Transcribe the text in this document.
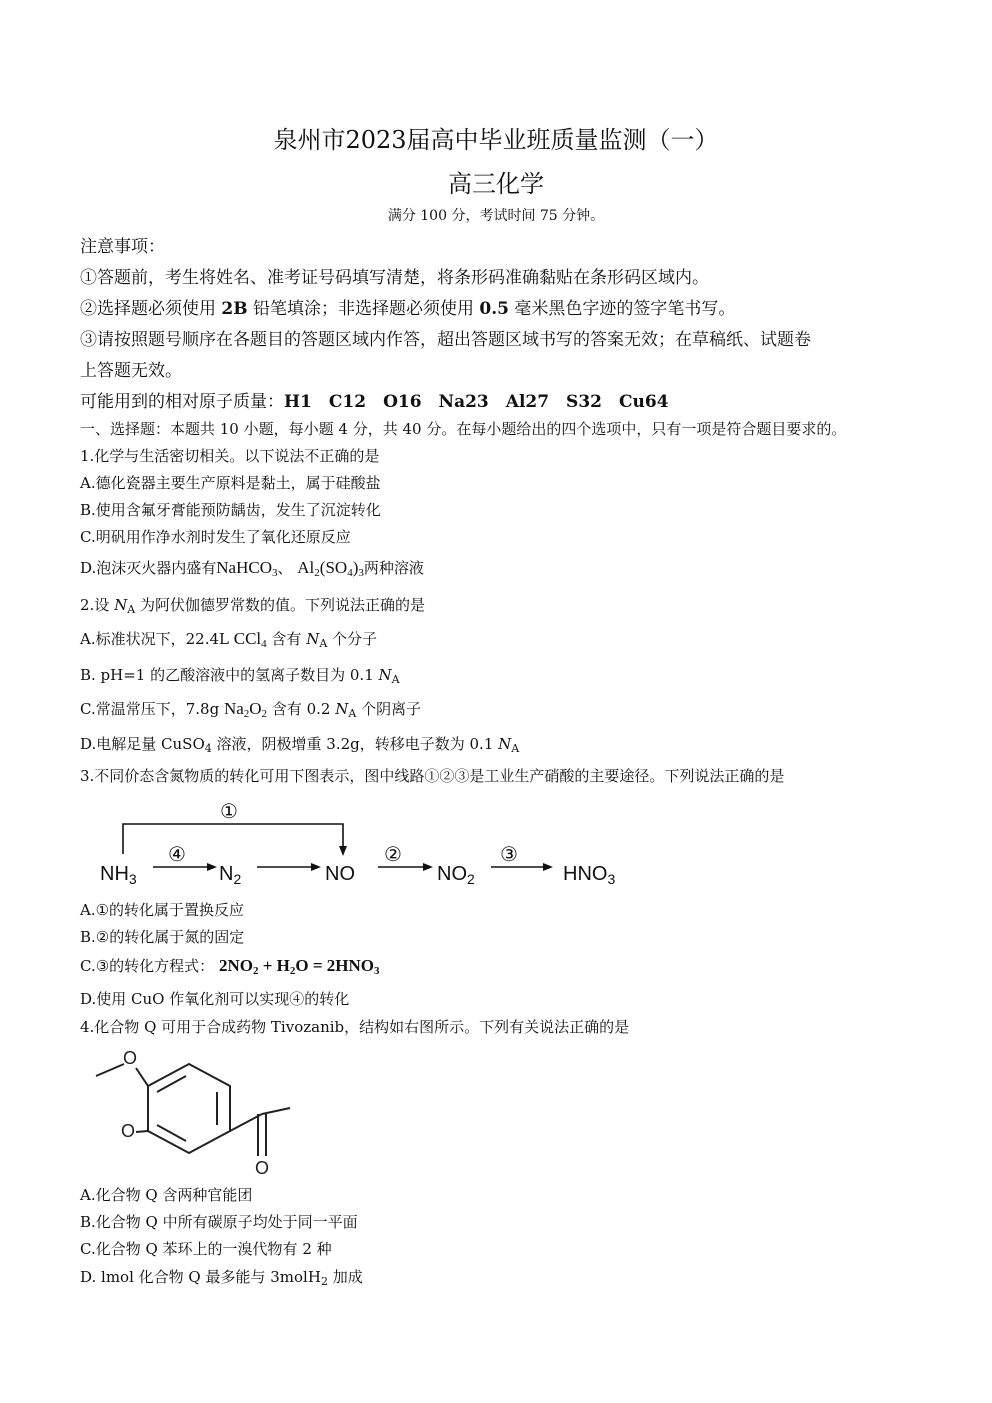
泉州市2023届高中毕业班质量监测（一）
高三化学
满分 100 分，考试时间 75 分钟。
注意事项：
①答题前，考生将姓名、准考证号码填写清楚，将条形码准确黏贴在条形码区域内。
②选择题必须使用 2B 铅笔填涂；非选择题必须使用 0.5 毫米黑色字迹的签字笔书写。
③请按照题号顺序在各题目的答题区域内作答，超出答题区域书写的答案无效；在草稿纸、试题卷
上答题无效。
可能用到的相对原子质量：H1　C12　O16　Na23　Al27　S32　Cu64
一、选择题：本题共 10 小题，每小题 4 分，共 40 分。在每小题给出的四个选项中，只有一项是符合题目要求的。
1.化学与生活密切相关。以下说法不正确的是
A.德化瓷器主要生产原料是黏土，属于硅酸盐
B.使用含氟牙膏能预防龋齿，发生了沉淀转化
C.明矾用作净水剂时发生了氧化还原反应
D.泡沫灭火器内盛有NaHCO$_3$、 $Al_2(SO_4)_3$两种溶液
2.设 $N_A$ 为阿伏伽德罗常数的值。下列说法正确的是
A.标准状况下，22.4L CCl$_4$ 含有 $N_A$ 个分子
B. pH=1 的乙酸溶液中的氢离子数目为 0.1 $N_A$
C.常温常压下，7.8g $Na_2O_2$ 含有 0.2 $N_A$ 个阴离子
D.电解足量 CuSO$_4$ 溶液，阴极增重 3.2g，转移电子数为 0.1 $N_A$
3.不同价态含氮物质的转化可用下图表示，图中线路①②③是工业生产硝酸的主要途径。下列说法正确的是
$NH_3$	$N_2$	NO	$NO_2$	$HNO_3$
①
④	②	③
A.①的转化属于置换反应
B.②的转化属于氮的固定
C.③的转化方程式： $2NO_2 + H_2O = 2HNO_3$
D.使用 CuO 作氧化剂可以实现④的转化
4.化合物 Q 可用于合成药物 Tivozanib，结构如右图所示。下列有关说法正确的是
O
O
O
A.化合物 Q 含两种官能团
B.化合物 Q 中所有碳原子均处于同一平面
C.化合物 Q 苯环上的一溴代物有 2 种
D. lmol 化合物 Q 最多能与 3molH$_2$ 加成
